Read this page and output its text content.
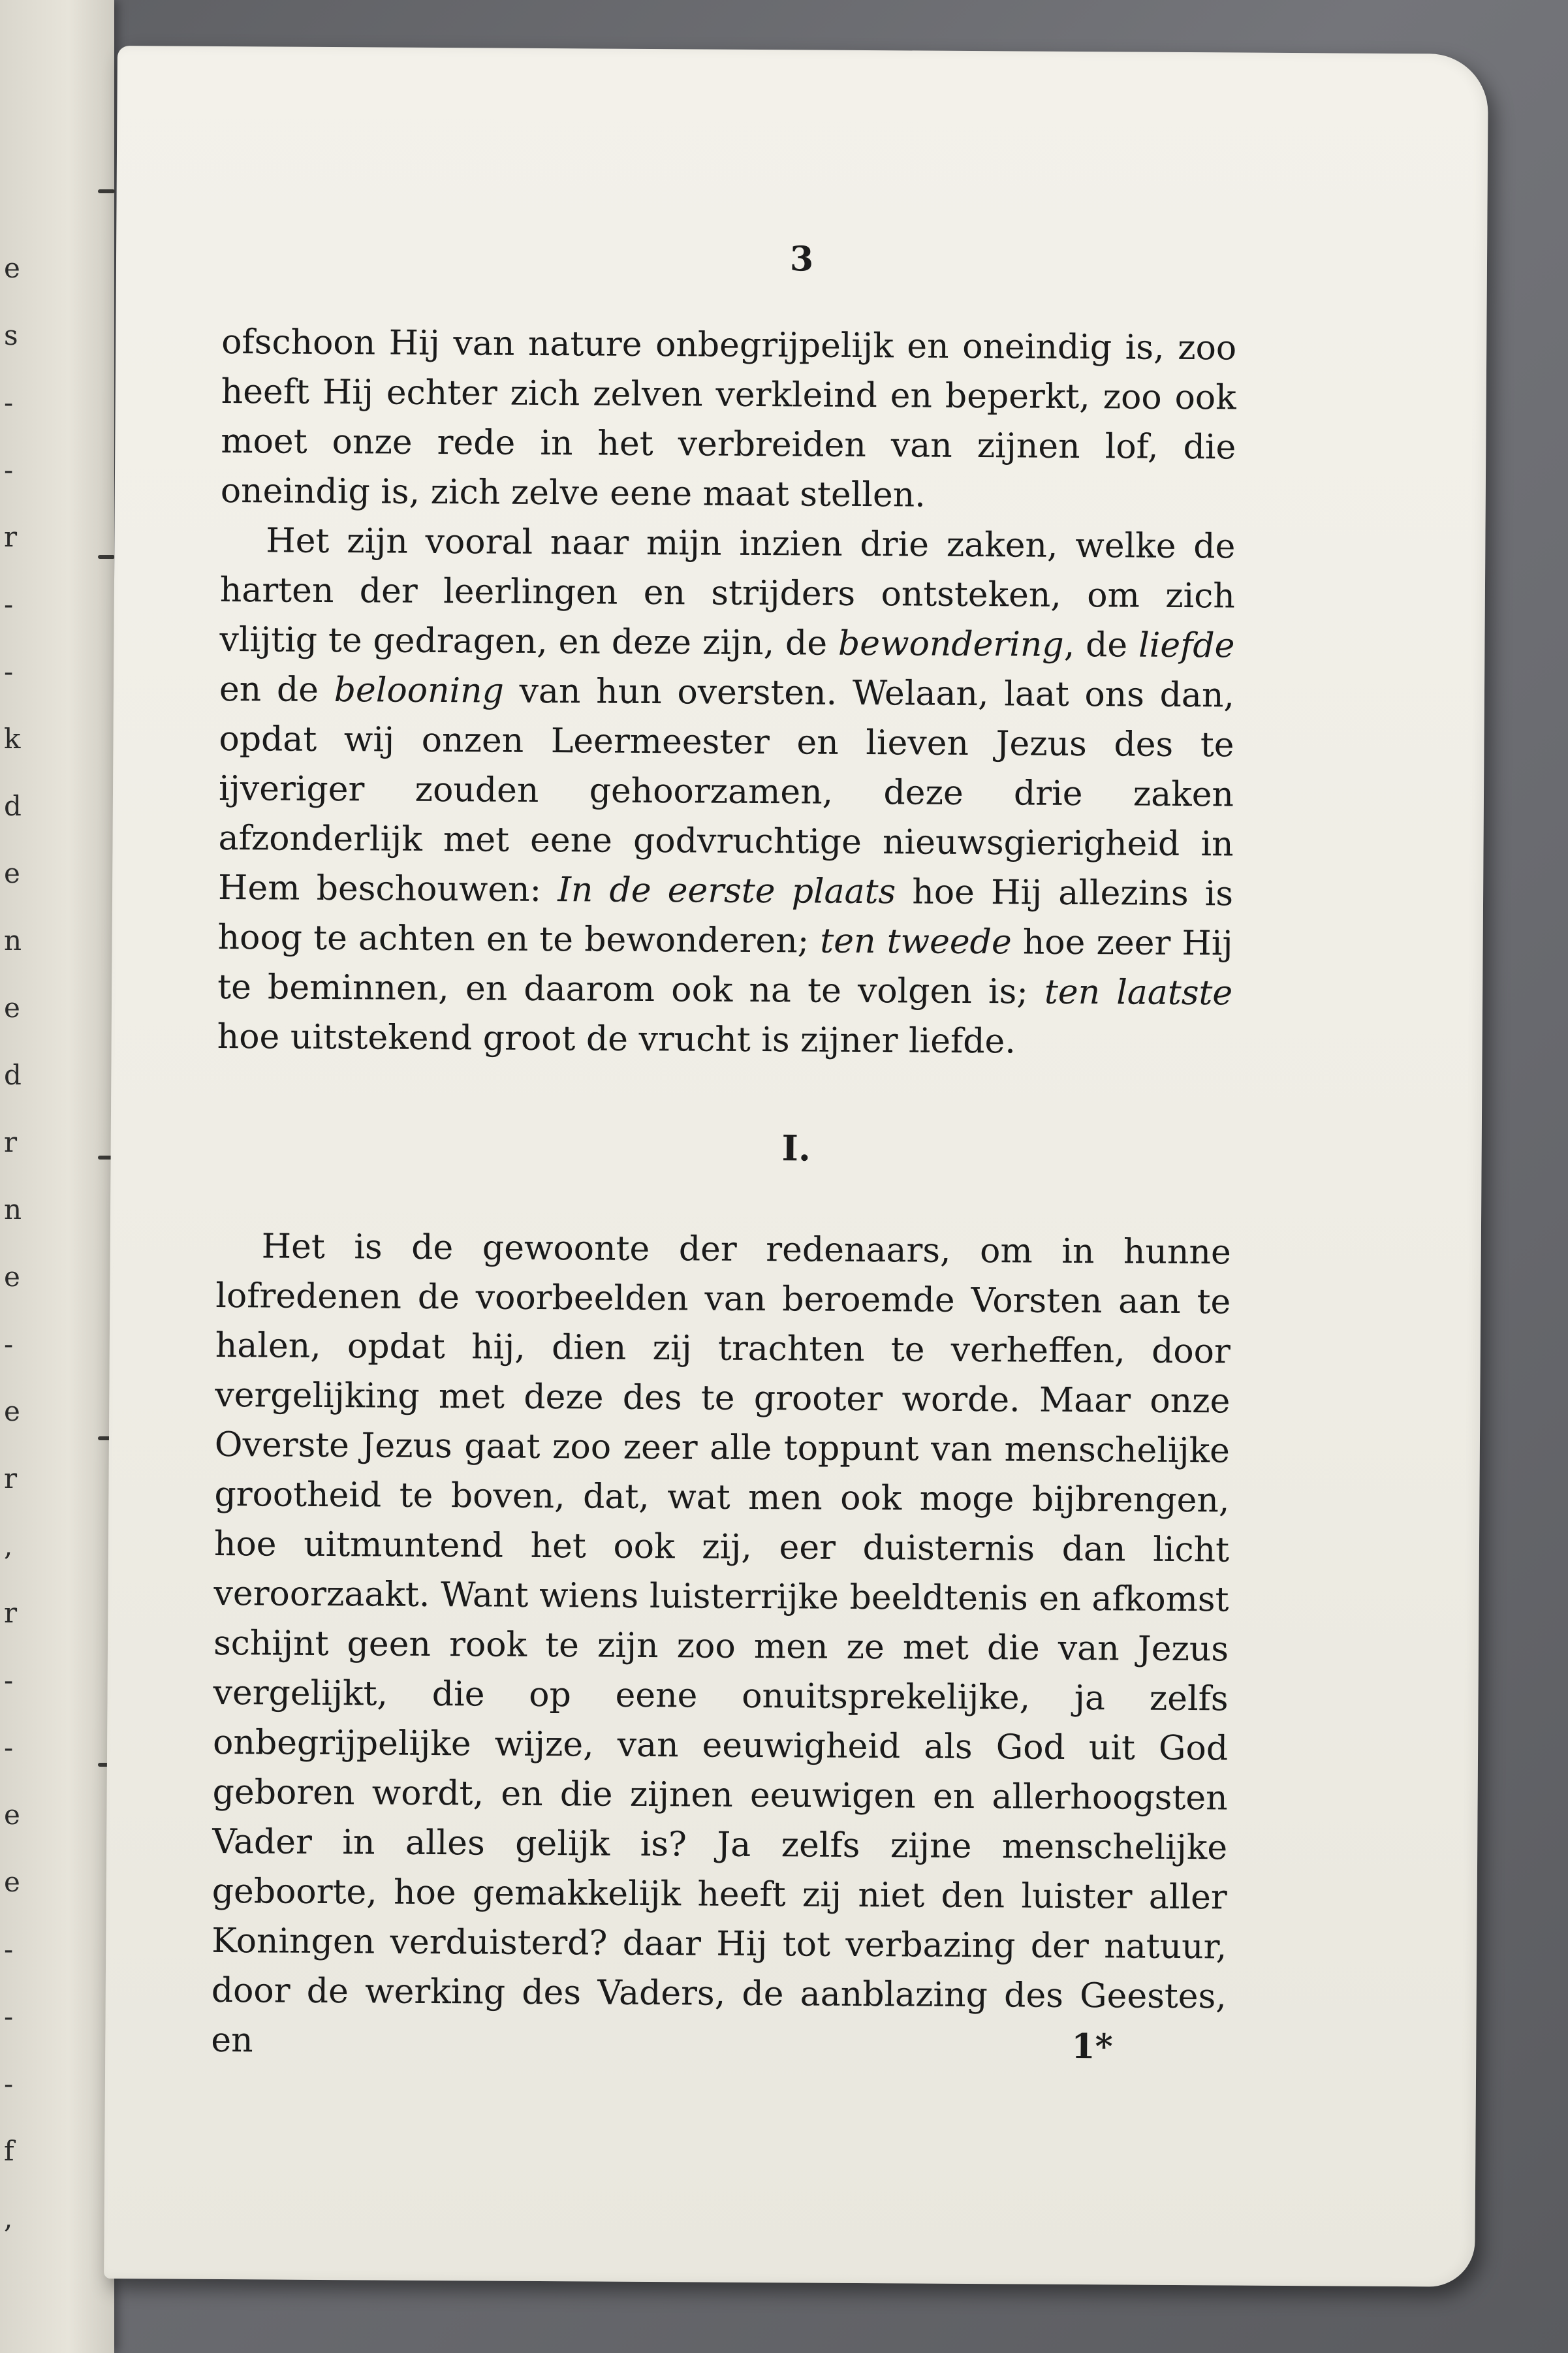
e
s
-
-
r
-
-
k
d
e
n
e
d
r
n
e
-
e
r
,
r
-
-
e
e
-
-
-
f
,
3

ofschoon Hij van nature onbegrijpelijk en oneindig is, zoo heeft Hij echter zich zelven verkleind en beperkt, zoo ook moet onze rede in het verbreiden van zijnen lof, die oneindig is, zich zelve eene maat stellen.

Het zijn vooral naar mijn inzien drie zaken, welke de harten der leerlingen en strijders ontsteken, om zich vlijtig te gedragen, en deze zijn, de bewondering, de liefde en de belooning van hun oversten. Welaan, laat ons dan, opdat wij onzen Leermeester en lieven Jezus des te ijveriger zouden gehoorzamen, deze drie zaken afzonderlijk met eene godvruchtige nieuwsgierigheid in Hem beschouwen: In de eerste plaats hoe Hij allezins is hoog te achten en te bewonderen; ten tweede hoe zeer Hij te beminnen, en daarom ook na te volgen is; ten laatste hoe uitstekend groot de vrucht is zijner liefde.

I.

Het is de gewoonte der redenaars, om in hunne lofredenen de voorbeelden van beroemde Vorsten aan te halen, opdat hij, dien zij trachten te verheffen, door vergelijking met deze des te grooter worde. Maar onze Overste Jezus gaat zoo zeer alle toppunt van menschelijke grootheid te boven, dat, wat men ook moge bijbrengen, hoe uitmuntend het ook zij, eer duisternis dan licht veroorzaakt. Want wiens luisterrijke beeldtenis en afkomst schijnt geen rook te zijn zoo men ze met die van Jezus vergelijkt, die op eene onuitsprekelijke, ja zelfs onbegrijpelijke wijze, van eeuwigheid als God uit God geboren wordt, en die zijnen eeuwigen en allerhoogsten Vader in alles gelijk is? Ja zelfs zijne menschelijke geboorte, hoe gemakkelijk heeft zij niet den luister aller Koningen verduisterd? daar Hij tot verbazing der natuur, door de werking des Vaders, de aanblazing des Geestes, en	1*
